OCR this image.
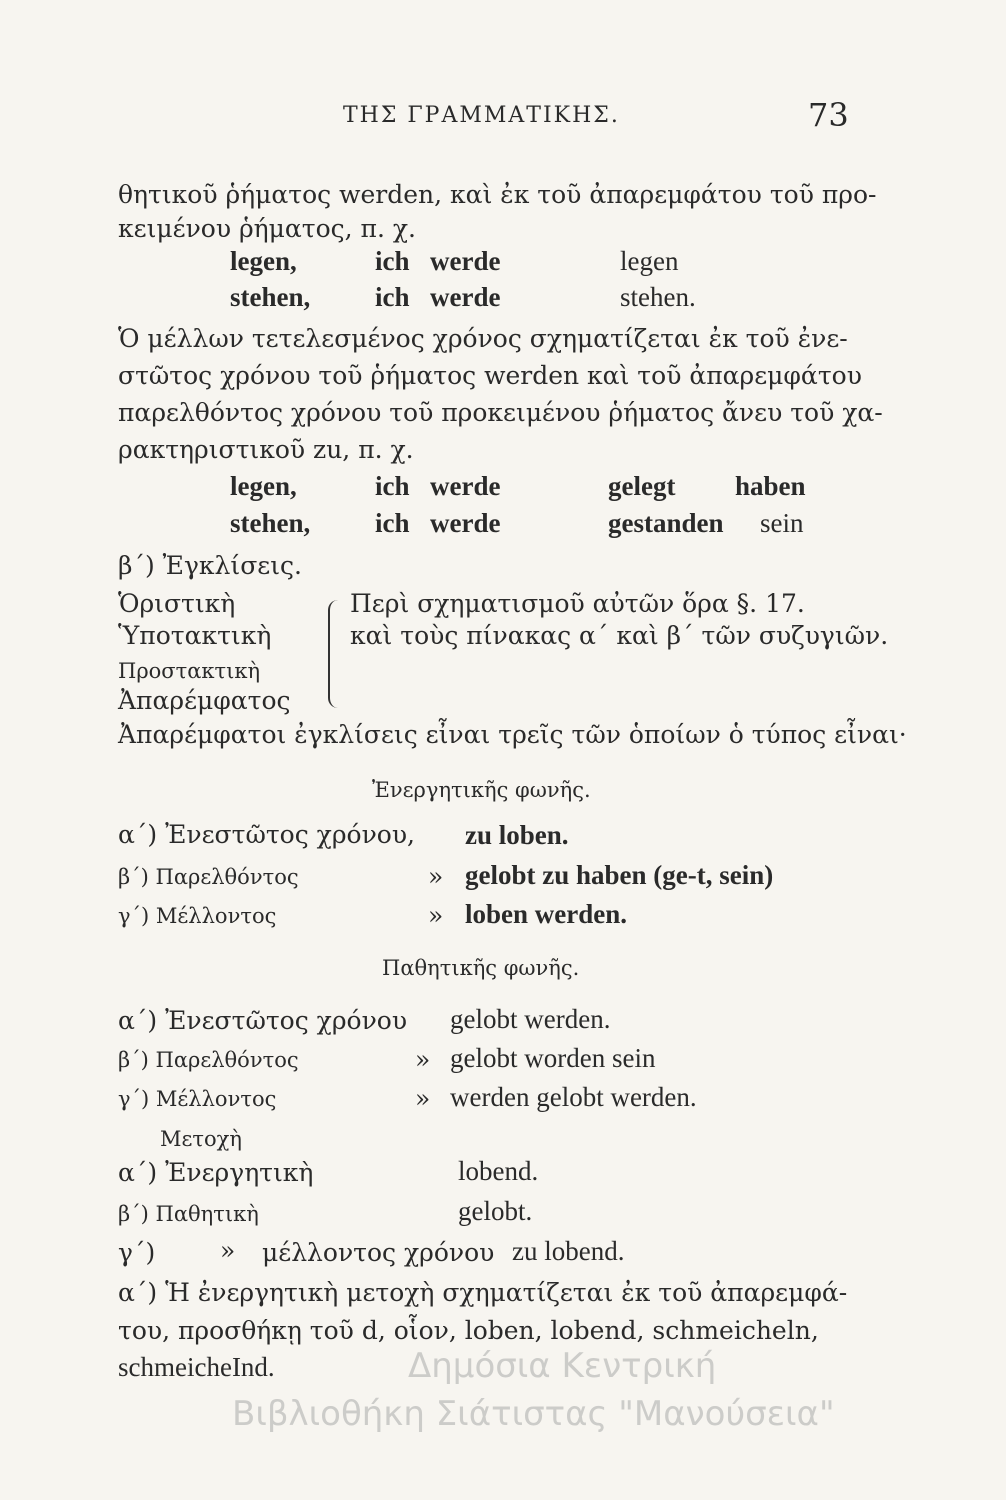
ΤΗΣ ΓΡΑΜΜΑΤΙΚΗΣ.	73
θητικοῦ ῥήματος werden, καὶ ἐκ τοῦ ἀπαρεμφάτου τοῦ προ-
κειμένου ῥήματος, π. χ.
legen,	ich werde	legen
stehen, ich werde	stehen.
Ὁ μέλλων τετελεσμένος χρόνος σχηματίζεται ἐκ τοῦ ἐνε-
στῶτος χρόνου τοῦ ῥήματος werden καὶ τοῦ ἀπαρεμφάτου
παρελθόντος χρόνου τοῦ προκειμένου ῥήματος ἄνευ τοῦ χα-
ρακτηριστικοῦ zu, π. χ.
legen,	ich werde	gelegt haben
stehen, ich werde	gestanden sein
β΄) Ἐγκλίσεις.
Ὁριστικὴ
Ὑποτακτικὴ
Προστακτικὴ
Ἀπαρέμφατος
Περὶ σχηματισμοῦ αὐτῶν ὅρα §. 17.
καὶ τοὺς πίνακας α΄ καὶ β΄ τῶν συζυγιῶν.
Ἀπαρέμφατοι ἐγκλίσεις εἶναι τρεῖς τῶν ὁποίων ὁ τύπος εἶναι·
Ἐνεργητικῆς φωνῆς.
α΄) Ἐνεστῶτος χρόνου, zu loben.
β΄) Παρελθόντος	» gelobt zu haben (ge-t, sein)
γ΄) Μέλλοντος	» loben werden.
Παθητικῆς φωνῆς.
α΄) Ἐνεστῶτος χρόνου gelobt werden.
β΄) Παρελθόντος	» gelobt worden sein
γ΄) Μέλλοντος	» werden gelobt werden.
Μετοχὴ
α΄) Ἐνεργητικὴ	lobend.
β΄) Παθητικὴ	gelobt.
γ΄)	» μέλλοντος χρόνου zu lobend.
α΄) Ἡ ἐνεργητικὴ μετοχὴ σχηματίζεται ἐκ τοῦ ἀπαρεμφά-
του, προσθήκῃ τοῦ d, οἷον, loben, lobend, schmeicheln,
schmeicheInd.	Δημόσια Κεντρική
Βιβλιοθήκη Σιάτιστας "Μανούσεια"
